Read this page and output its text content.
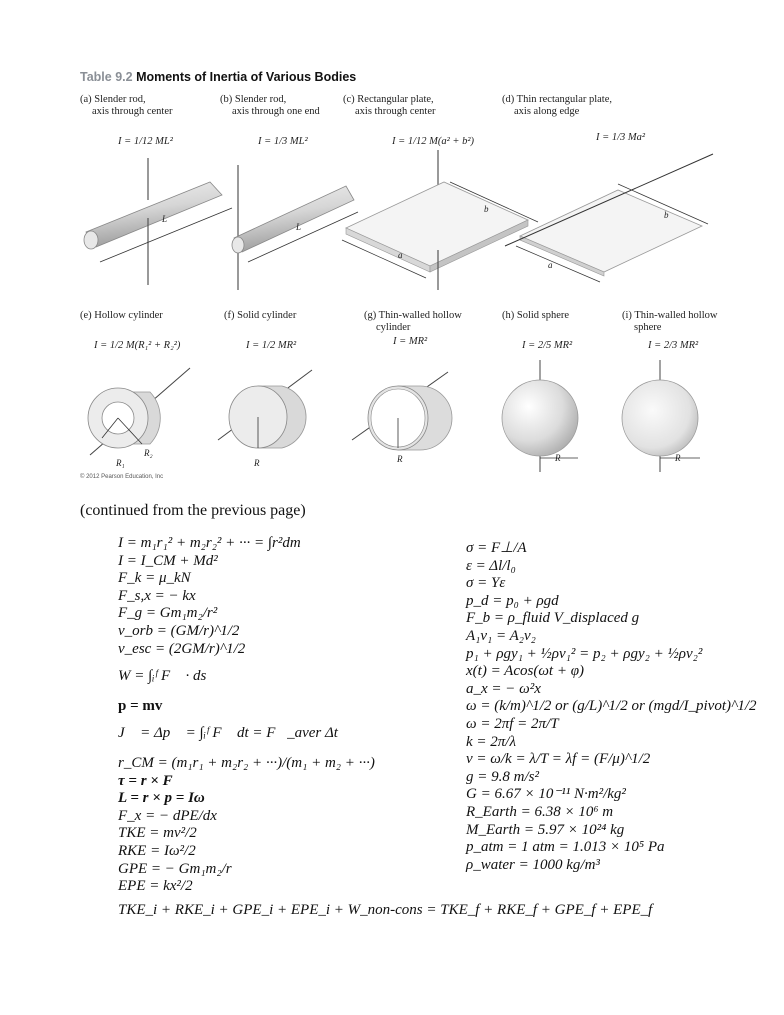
Table 9.2 Moments of Inertia of Various Bodies
(a) Slender rod,
axis through center
(b) Slender rod,
axis through one end
(c) Rectangular plate,
axis through center
(d) Thin rectangular plate,
axis along edge
I = 1/12 ML²	I = 1/3 ML²	I = 1/12 M(a² + b²)	I = 1/3 Ma²
L
L
a
b
a
b
R₁
R₂
R	R	R	R
(e) Hollow cylinder	(f) Solid cylinder	(g) Thin-walled hollow
cylinder
(h) Solid sphere	(i) Thin-walled hollow
sphere
I = 1/2 M(R₁² + R₂²)	I = 1/2 MR²	I = MR²	I = 2/5 MR²	I = 2/3 MR²
© 2012 Pearson Education, Inc
(continued from the previous page)
I = m₁r₁² + m₂r₂² + ··· = ∫r²dm
I = I_CM + Md²
F_k = μ_kN
F_s,x = − kx
F_g = Gm₁m₂/r²
v_orb = (GM/r)^1/2
v_esc = (2GM/r)^1/2
W = ∫ᵢᶠ F⃗ · ds⃗
p = mv
J⃗ = Δp⃗ = ∫ᵢᶠ F⃗ dt = F⃗_aver Δt
r_CM = (m₁r₁ + m₂r₂ + ···)/(m₁ + m₂ + ···)
τ = r × F
L = r × p = Iω
F_x = − dPE/dx
TKE = mv²/2
RKE = Iω²/2
GPE = − Gm₁m₂/r
EPE = kx²/2
σ = F⊥/A
ε = Δl/l₀
σ = Yε
p_d = p₀ + ρgd
F_b = ρ_fluid V_displaced g
A₁v₁ = A₂v₂
p₁ + ρgy₁ + ½ρv₁² = p₂ + ρgy₂ + ½ρv₂²
x(t) = Acos(ωt + φ)
a_x = − ω²x
ω = (k/m)^1/2 or (g/L)^1/2 or (mgd/I_pivot)^1/2
ω = 2πf = 2π/T
k = 2π/λ
v = ω/k = λ/T = λf = (F/μ)^1/2
g = 9.8 m/s²
G = 6.67 × 10⁻¹¹ N·m²/kg²
R_Earth = 6.38 × 10⁶ m
M_Earth = 5.97 × 10²⁴ kg
p_atm = 1 atm = 1.013 × 10⁵ Pa
ρ_water = 1000 kg/m³
TKE_i + RKE_i + GPE_i + EPE_i + W_non-cons = TKE_f + RKE_f + GPE_f + EPE_f
